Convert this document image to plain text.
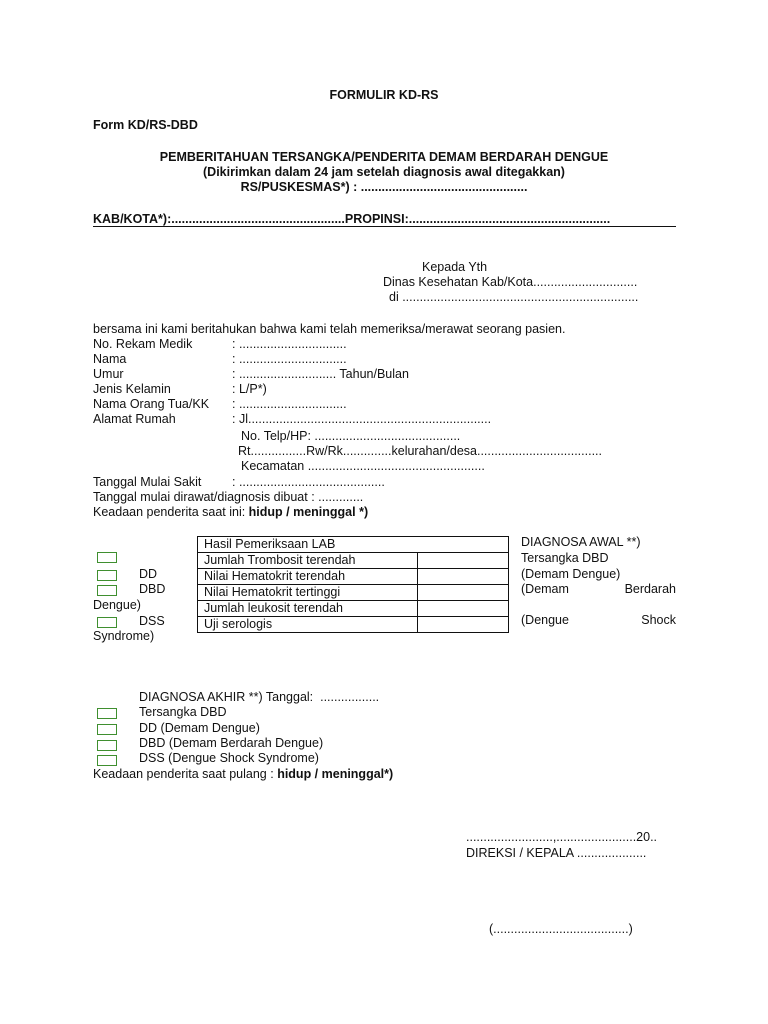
FORMULIR KD-RS
Form KD/RS-DBD
PEMBERITAHUAN TERSANGKA/PENDERITA DEMAM BERDARAH DENGUE
(Dikirimkan dalam 24 jam setelah diagnosis awal ditegakkan)
RS/PUSKESMAS*) : ................................................
KAB/KOTA*):..................................................PROPINSI:..........................................................
Kepada Yth
Dinas Kesehatan Kab/Kota..............................
di ....................................................................
bersama ini kami beritahukan bahwa kami telah memeriksa/merawat seorang pasien.
No. Rekam Medik	: ...............................
Nama	: ...............................
Umur	: ............................ Tahun/Bulan
Jenis Kelamin	: L/P*)
Nama Orang Tua/KK : ...............................
Alamat Rumah	: Jl......................................................................
No. Telp/HP: ..........................................
Rt................Rw/Rk..............kelurahan/desa....................................
Kecamatan ...................................................
Tanggal Mulai Sakit : ..........................................
Tanggal mulai dirawat/diagnosis dibuat : .............
Keadaan penderita saat ini: hidup / meninggal *)
Hasil Pemeriksaan LAB	
Jumlah Trombosit terendah	
Nilai Hematokrit terendah	
Nilai Hematokrit tertinggi	
Jumlah leukosit terendah	
Uji serologis	
DD
DBD
Dengue)
DSS
Syndrome)
DIAGNOSA AWAL **)
Tersangka DBD
(Demam Dengue)
(Demam	Berdarah
(Dengue	Shock
DIAGNOSA AKHIR **) Tanggal:  .................
Tersangka DBD
DD (Demam Dengue)
DBD (Demam Berdarah Dengue)
DSS (Dengue Shock Syndrome)
Keadaan penderita saat pulang : hidup / meninggal*)
.........................,.......................20..
DIREKSI / KEPALA ....................
(.......................................)
